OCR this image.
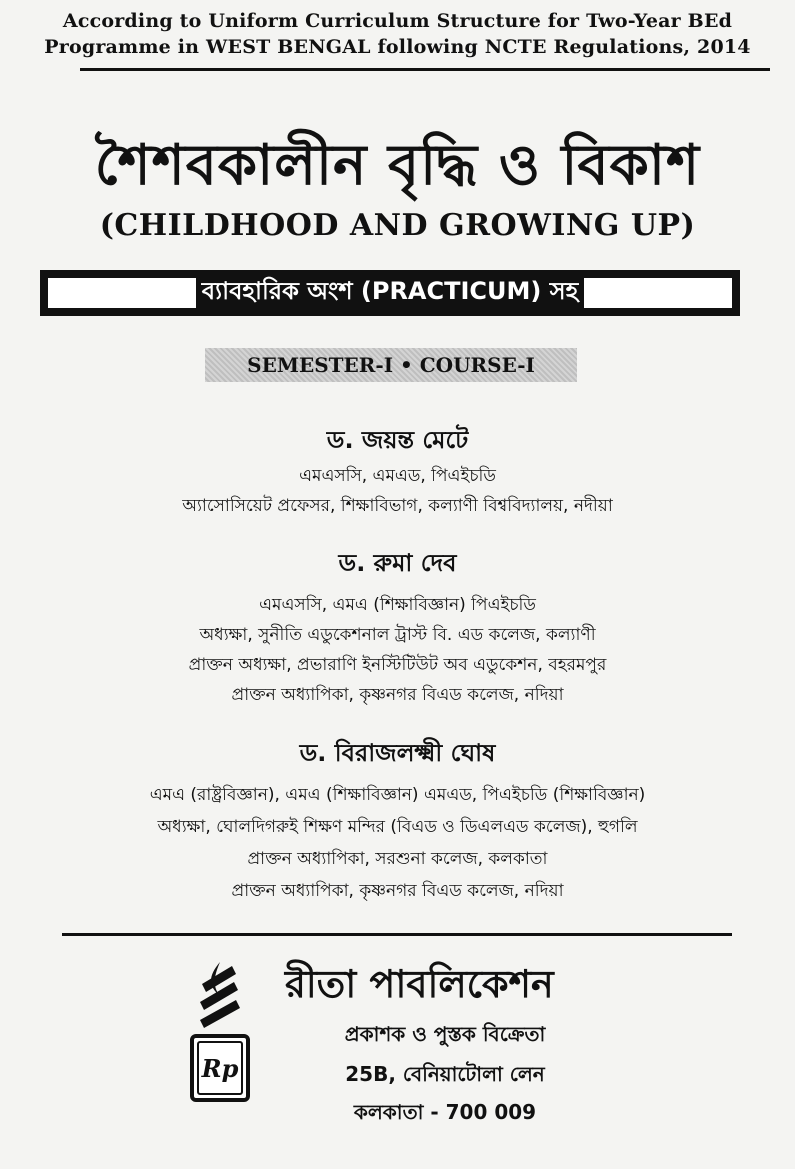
According to Uniform Curriculum Structure for Two-Year BEd
Programme in WEST BENGAL following NCTE Regulations, 2014
শৈশবকালীন বৃদ্ধি ও বিকাশ
(CHILDHOOD AND GROWING UP)
ব্যাবহারিক অংশ (PRACTICUM) সহ
SEMESTER-I • COURSE-I
ড. জয়ন্ত মেটে
এমএসসি, এমএড, পিএইচডি
অ্যাসোসিয়েট প্রফেসর, শিক্ষাবিভাগ, কল্যাণী বিশ্ববিদ্যালয়, নদীয়া
ড. রুমা দেব
এমএসসি, এমএ (শিক্ষাবিজ্ঞান) পিএইচডি
অধ্যক্ষা, সুনীতি এডুকেশনাল ট্রাস্ট বি. এড কলেজ, কল্যাণী
প্রাক্তন অধ্যক্ষা, প্রভারাণি ইনস্টিটিউট অব এডুকেশন, বহরমপুর
প্রাক্তন অধ্যাপিকা, কৃষ্ণনগর বিএড কলেজ, নদিয়া
ড. বিরাজলক্ষ্মী ঘোষ
এমএ (রাষ্ট্রবিজ্ঞান), এমএ (শিক্ষাবিজ্ঞান) এমএড, পিএইচডি (শিক্ষাবিজ্ঞান)
অধ্যক্ষা, ঘোলদিগরুই শিক্ষণ মন্দির (বিএড ও ডিএলএড কলেজ), হুগলি
প্রাক্তন অধ্যাপিকা, সরশুনা কলেজ, কলকাতা
প্রাক্তন অধ্যাপিকা, কৃষ্ণনগর বিএড কলেজ, নদিয়া
Rp
রীতা পাবলিকেশন
প্রকাশক ও পুস্তক বিক্রেতা
25B, বেনিয়াটোলা লেন
কলকাতা - 700 009
